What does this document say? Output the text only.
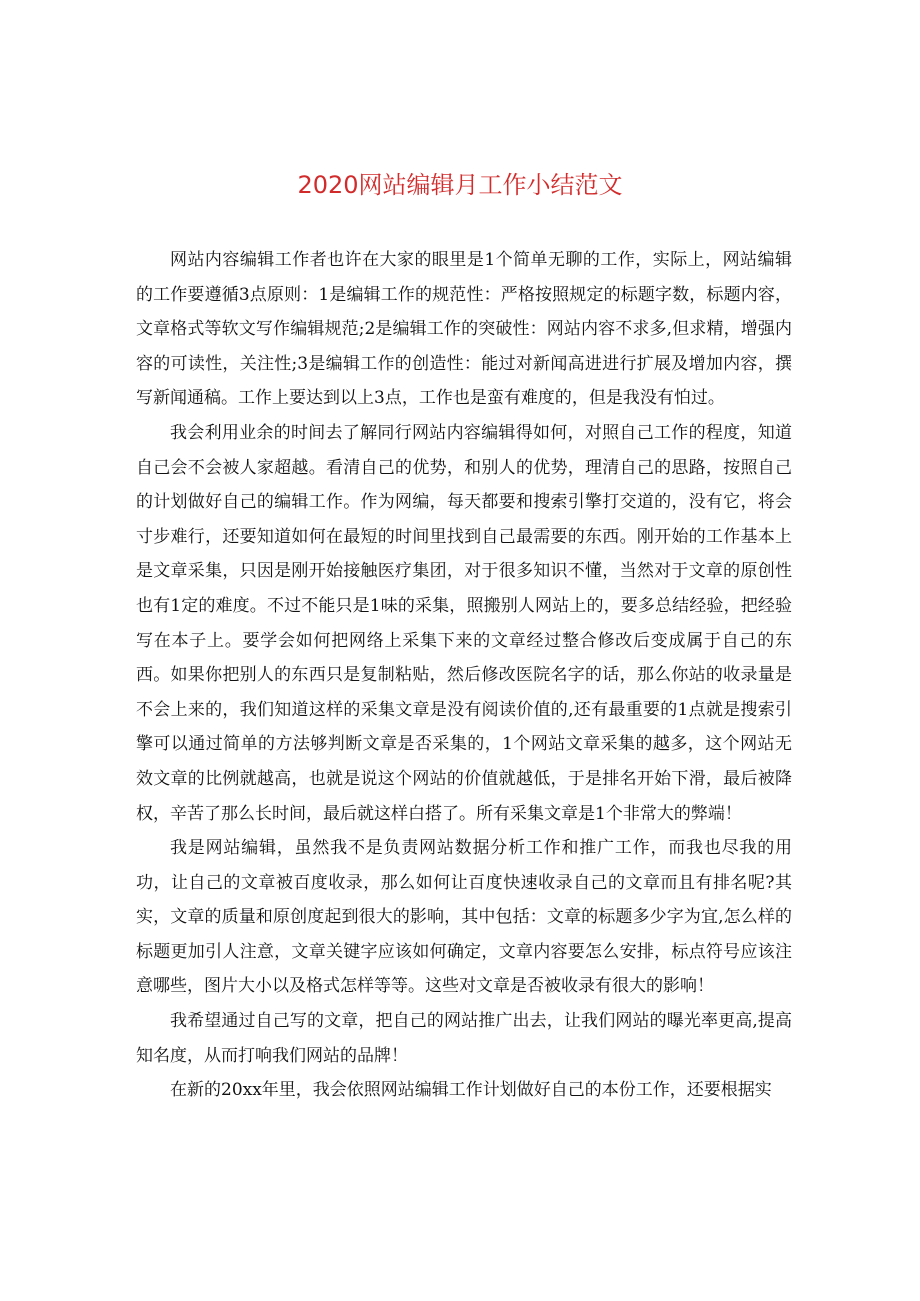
2020网站编辑月工作小结范文

网站内容编辑工作者也许在大家的眼里是1个简单无聊的工作，实际上，网站编辑的工作要遵循3点原则：1是编辑工作的规范性：严格按照规定的标题字数，标题内容，文章格式等软文写作编辑规范;2是编辑工作的突破性：网站内容不求多,但求精，增强内容的可读性，关注性;3是编辑工作的创造性：能过对新闻高进进行扩展及增加内容，撰写新闻通稿。工作上要达到以上3点，工作也是蛮有难度的，但是我没有怕过。

我会利用业余的时间去了解同行网站内容编辑得如何，对照自己工作的程度，知道自己会不会被人家超越。看清自己的优势，和别人的优势，理清自己的思路，按照自己的计划做好自己的编辑工作。作为网编，每天都要和搜索引擎打交道的，没有它，将会寸步难行，还要知道如何在最短的时间里找到自己最需要的东西。刚开始的工作基本上是文章采集，只因是刚开始接触医疗集团，对于很多知识不懂，当然对于文章的原创性也有1定的难度。不过不能只是1味的采集，照搬别人网站上的，要多总结经验，把经验写在本子上。要学会如何把网络上采集下来的文章经过整合修改后变成属于自己的东西。如果你把别人的东西只是复制粘贴，然后修改医院名字的话，那么你站的收录量是不会上来的，我们知道这样的采集文章是没有阅读价值的,还有最重要的1点就是搜索引擎可以通过简单的方法够判断文章是否采集的，1个网站文章采集的越多，这个网站无效文章的比例就越高，也就是说这个网站的价值就越低，于是排名开始下滑，最后被降权，辛苦了那么长时间，最后就这样白搭了。所有采集文章是1个非常大的弊端！

我是网站编辑，虽然我不是负责网站数据分析工作和推广工作，而我也尽我的用功，让自己的文章被百度收录，那么如何让百度快速收录自己的文章而且有排名呢?其实，文章的质量和原创度起到很大的影响，其中包括：文章的标题多少字为宜,怎么样的标题更加引人注意，文章关键字应该如何确定，文章内容要怎么安排，标点符号应该注意哪些，图片大小以及格式怎样等等。这些对文章是否被收录有很大的影响！

我希望通过自己写的文章，把自己的网站推广出去，让我们网站的曝光率更高,提高知名度，从而打响我们网站的品牌！

在新的20xx年里，我会依照网站编辑工作计划做好自己的本份工作，还要根据实
